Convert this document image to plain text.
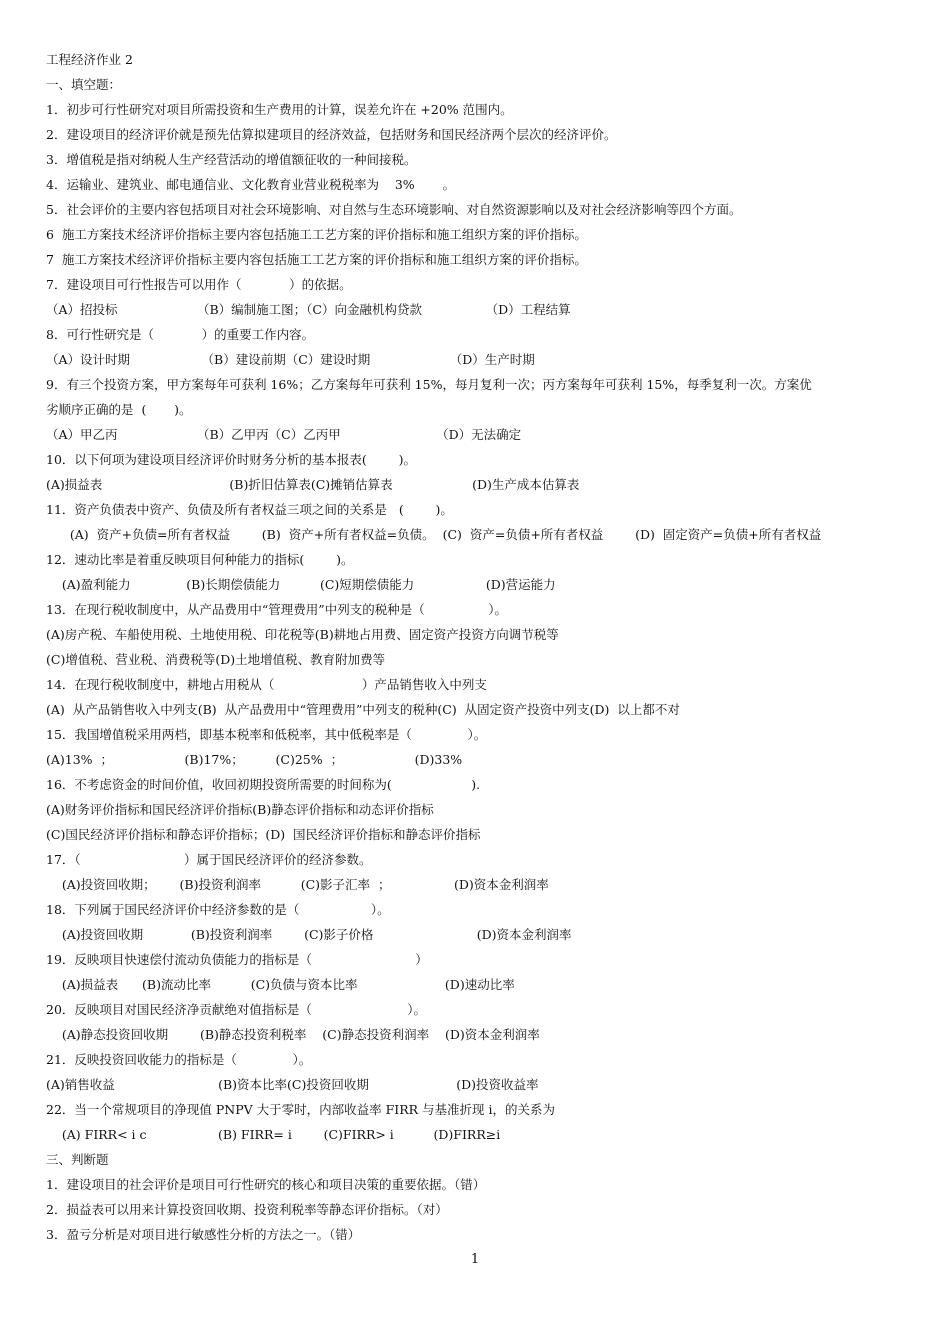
工程经济作业 2
一、填空题：
1．初步可行性研究对项目所需投资和生产费用的计算，误差允许在 +20% 范围内。
2．建设项目的经济评价就是预先估算拟建项目的经济效益，包括财务和国民经济两个层次的经济评价。
3．增值税是指对纳税人生产经营活动的增值额征收的一种间接税。
4．运输业、建筑业、邮电通信业、文化教育业营业税税率为    3%       。
5．社会评价的主要内容包括项目对社会环境影响、对自然与生态环境影响、对自然资源影响以及对社会经济影响等四个方面。
6  施工方案技术经济评价指标主要内容包括施工工艺方案的评价指标和施工组织方案的评价指标。
7  施工方案技术经济评价指标主要内容包括施工工艺方案的评价指标和施工组织方案的评价指标。
7．建设项目可行性报告可以用作（            ）的依据。
（A）招投标                    （B）编制施工图；（C）向金融机构贷款                （D）工程结算
8．可行性研究是（            ）的重要工作内容。
（A）设计时期                  （B）建设前期（C）建设时期                    （D）生产时期
9．有三个投资方案，甲方案每年可获利 16%；乙方案每年可获利 15%，每月复利一次；丙方案每年可获利 15%，每季复利一次。方案优
劣顺序正确的是  (       )。
（A）甲乙丙                    （B）乙甲丙（C）乙丙甲                        （D）无法确定
10．以下何项为建设项目经济评价时财务分析的基本报表(        )。
(A)损益表                                (B)折旧估算表(C)摊销估算表                    (D)生产成本估算表
11．资产负债表中资产、负债及所有者权益三项之间的关系是   (        )。
(A)  资产+负债=所有者权益        (B)  资产+所有者权益=负债。  (C)  资产=负债+所有者权益        (D)  固定资产=负债+所有者权益
12．速动比率是着重反映项目何种能力的指标(        )。
(A)盈利能力              (B)长期偿债能力          (C)短期偿债能力                  (D)营运能力
13．在现行税收制度中，从产品费用中“管理费用”中列支的税种是（                ）。
(A)房产税、车船使用税、土地使用税、印花税等(B)耕地占用费、固定资产投资方向调节税等
(C)增值税、营业税、消费税等(D)土地增值税、教育附加费等
14．在现行税收制度中，耕地占用税从（                      ）产品销售收入中列支
(A)  从产品销售收入中列支(B)  从产品费用中“管理费用”中列支的税种(C)  从固定资产投资中列支(D)  以上都不对
15．我国增值税采用两档，即基本税率和低税率，其中低税率是（              ）。
(A)13%  ；                  (B)17%；        (C)25%  ；                  (D)33%
16．不考虑资金的时间价值，收回初期投资所需要的时间称为(                    ).
(A)财务评价指标和国民经济评价指标(B)静态评价指标和动态评价指标
(C)国民经济评价指标和静态评价指标；(D)  国民经济评价指标和静态评价指标
17．（                          ）属于国民经济评价的经济参数。
(A)投资回收期；      (B)投资利润率          (C)影子汇率  ；                (D)资本金利润率
18．下列属于国民经济评价中经济参数的是（                  ）。
(A)投资回收期            (B)投资利润率        (C)影子价格                          (D)资本金利润率
19．反映项目快速偿付流动负债能力的指标是（                          ）
(A)损益表      (B)流动比率          (C)负债与资本比率                      (D)速动比率
20．反映项目对国民经济净贡献绝对值指标是（                        ）。
(A)静态投资回收期        (B)静态投资利税率    (C)静态投资利润率    (D)资本金利润率
21．反映投资回收能力的指标是（              ）。
(A)销售收益                          (B)资本比率(C)投资回收期                      (D)投资收益率
22．当一个常规项目的净现值 PNPV 大于零时，内部收益率 FIRR 与基准折现 i，的关系为
(A) FIRR< i c                  (B) FIRR= i        (C)FIRR> i          (D)FIRR≥i
三、判断题
1．建设项目的社会评价是项目可行性研究的核心和项目决策的重要依据。（错）
2．损益表可以用来计算投资回收期、投资利税率等静态评价指标。（对）
3．盈亏分析是对项目进行敏感性分析的方法之一。（错）
1
